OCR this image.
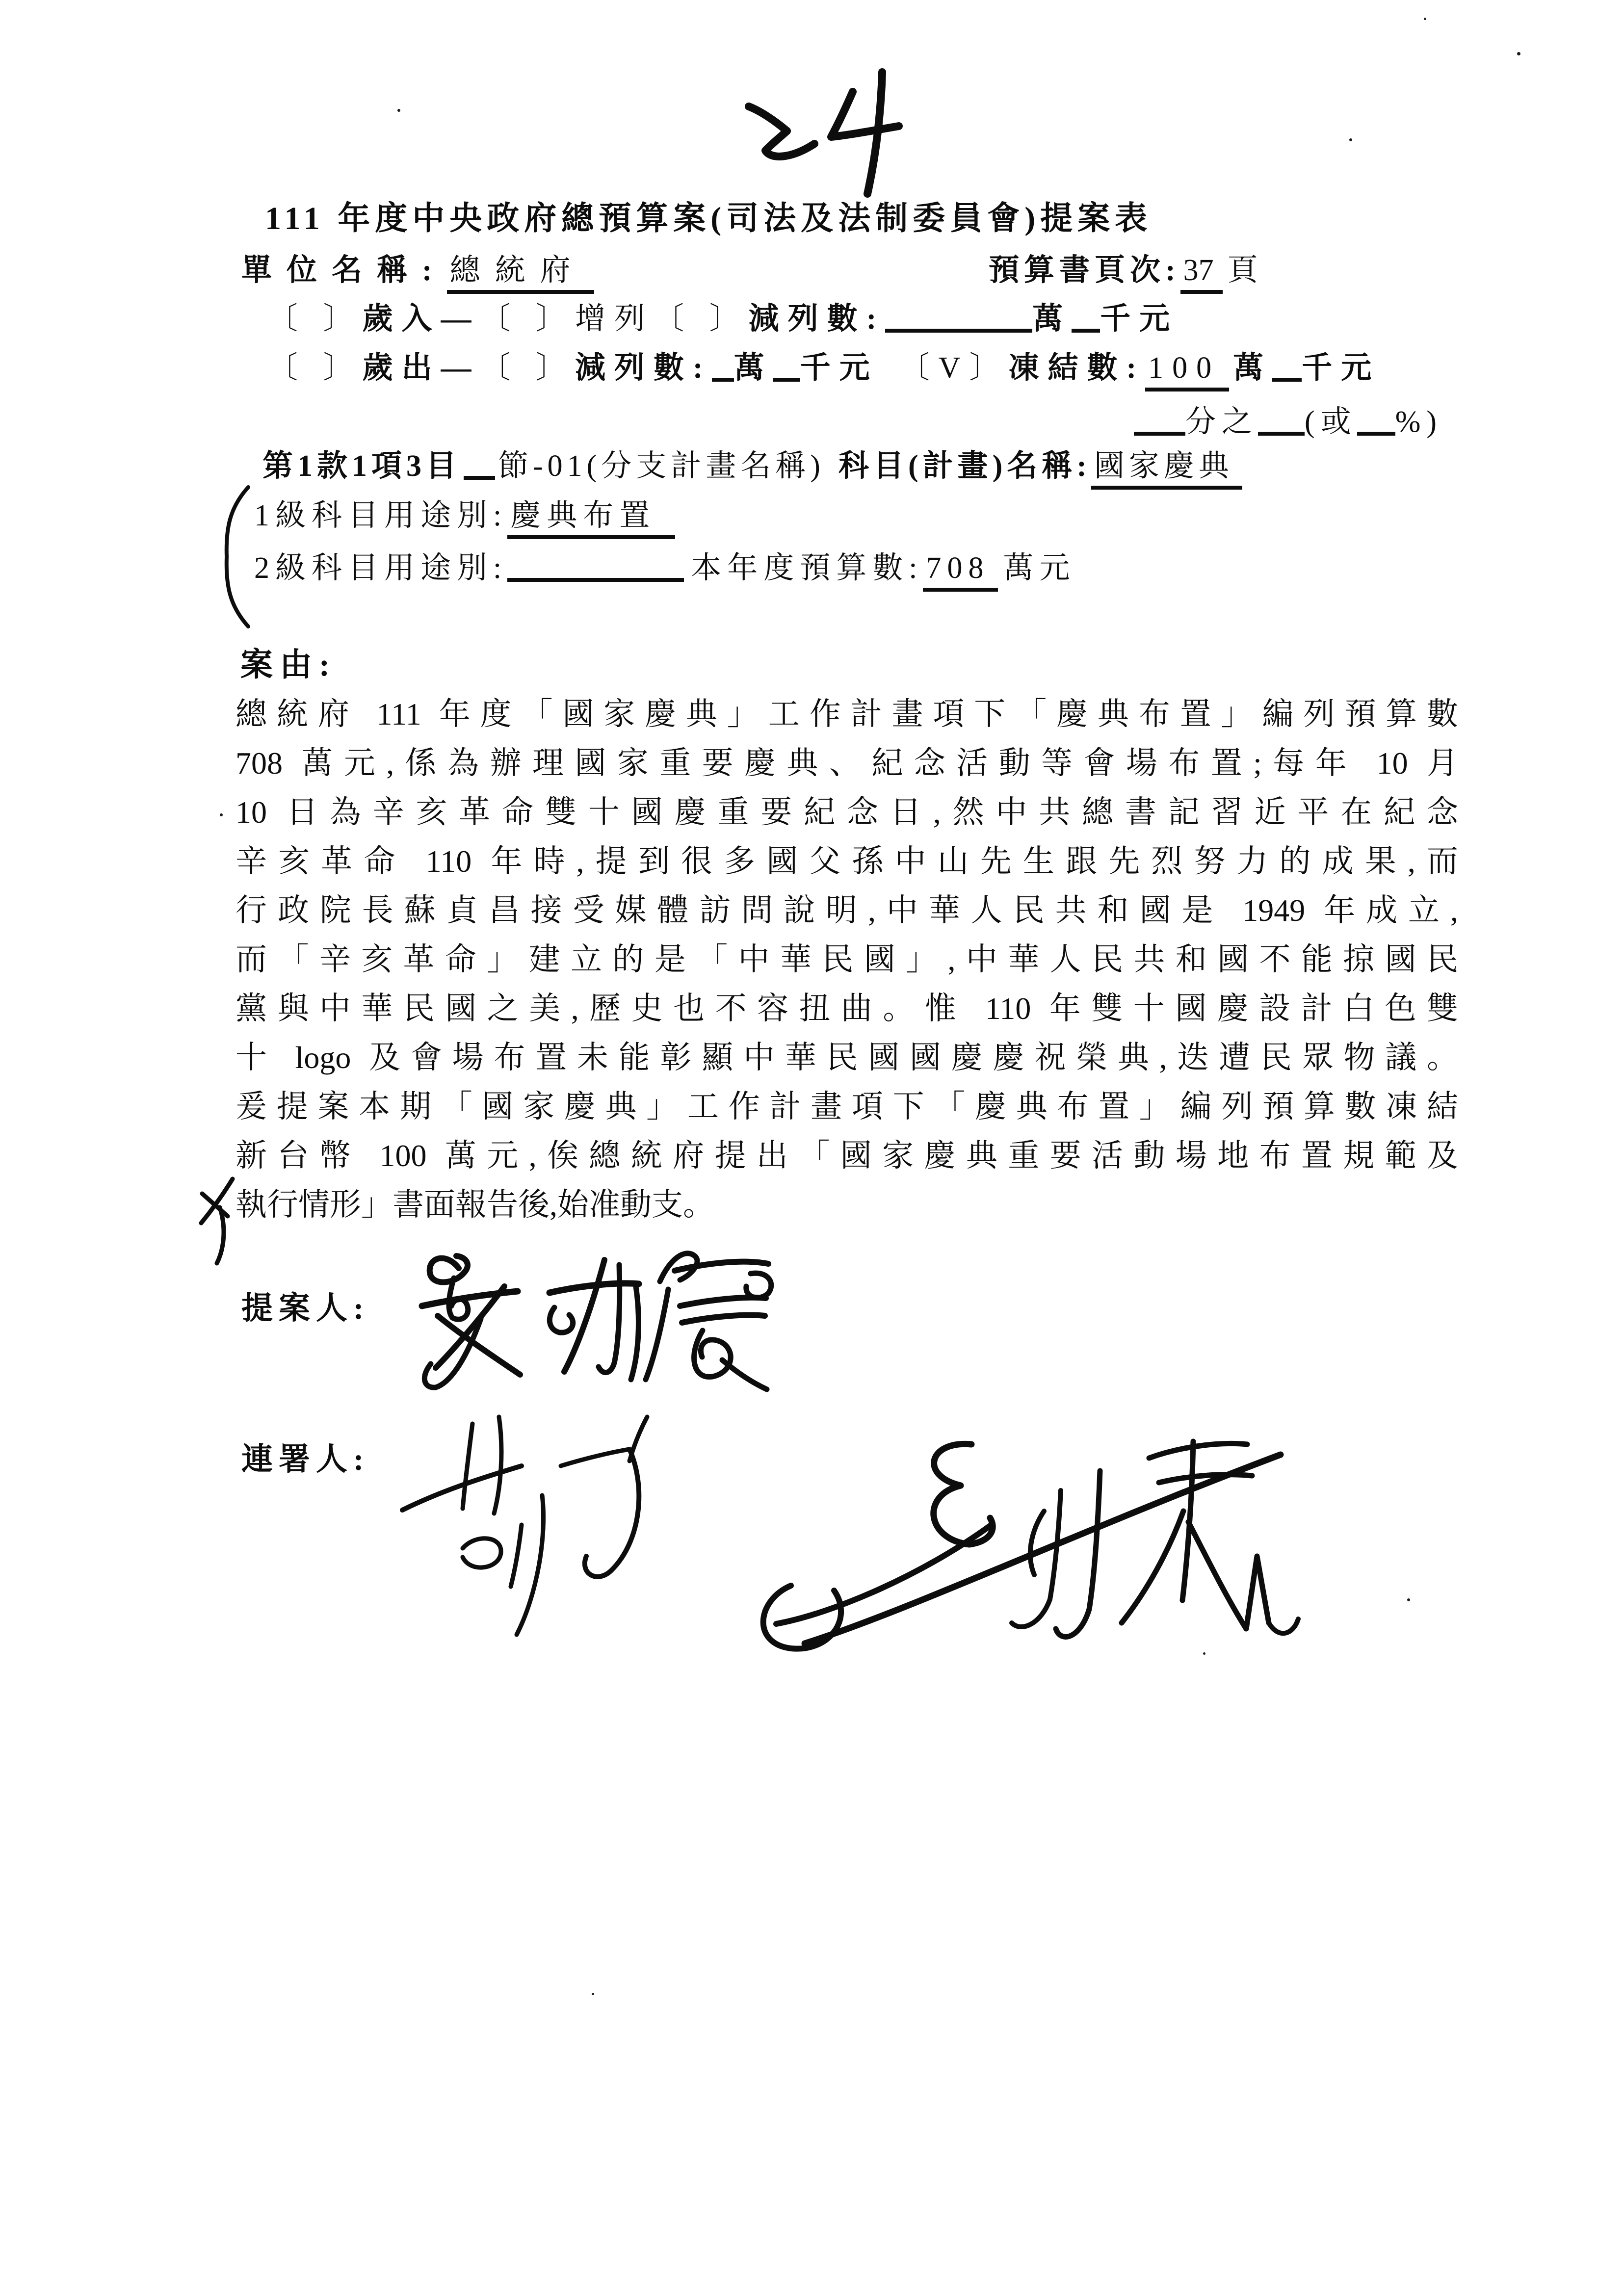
111 年度中央政府總預算案(司法及法制委員會)提案表
單位名稱:總統府	預算書頁次:37 頁
〔 〕歲入—〔 〕增列〔 〕減列數:	萬 千元
〔 〕歲出—〔 〕減列數: 萬 千元 〔V〕凍結數:100 萬 千元
分之 (或 %)
第1款1項3目 節-01(分支計畫名稱) 科目(計畫)名稱:國家慶典
1級科目用途別:慶典布置
2級科目用途別:	本年度預算數:708 萬元
案由:
總統府 111 年度「國家慶典」工作計畫項下「慶典布置」編列預算數
708 萬元,係為辦理國家重要慶典、紀念活動等會場布置;每年 10 月
10 日為辛亥革命雙十國慶重要紀念日,然中共總書記習近平在紀念
辛亥革命 110 年時,提到很多國父孫中山先生跟先烈努力的成果,而
行政院長蘇貞昌接受媒體訪問說明,中華人民共和國是 1949 年成立,
而「辛亥革命」建立的是「中華民國」,中華人民共和國不能掠國民
黨與中華民國之美,歷史也不容扭曲。惟 110 年雙十國慶設計白色雙
十 logo 及會場布置未能彰顯中華民國國慶慶祝榮典,迭遭民眾物議。
爰提案本期「國家慶典」工作計畫項下「慶典布置」編列預算數凍結
新台幣 100 萬元,俟總統府提出「國家慶典重要活動場地布置規範及
執行情形」書面報告後,始准動支。
提案人:
連署人:
